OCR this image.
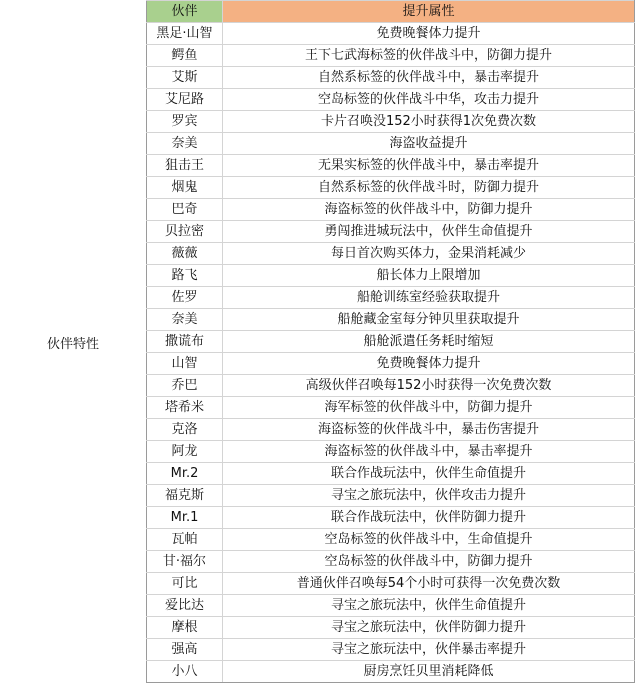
伙伴特性
伙伴	提升属性
黑足·山智	免费晚餐体力提升
鳄鱼	王下七武海标签的伙伴战斗中，防御力提升
艾斯	自然系标签的伙伴战斗中，暴击率提升
艾尼路	空岛标签的伙伴战斗中华，攻击力提升
罗宾	卡片召唤没152小时获得1次免费次数
奈美	海盗收益提升
狙击王	无果实标签的伙伴战斗中，暴击率提升
烟鬼	自然系标签的伙伴战斗时，防御力提升
巴奇	海盗标签的伙伴战斗中，防御力提升
贝拉密	勇闯推进城玩法中，伙伴生命值提升
薇薇	每日首次购买体力，金果消耗减少
路飞	船长体力上限增加
佐罗	船舱训练室经验获取提升
奈美	船舱藏金室每分钟贝里获取提升
撒谎布	船舱派遣任务耗时缩短
山智	免费晚餐体力提升
乔巴	高级伙伴召唤每152小时获得一次免费次数
塔希米	海军标签的伙伴战斗中，防御力提升
克洛	海盗标签的伙伴战斗中，暴击伤害提升
阿龙	海盗标签的伙伴战斗中，暴击率提升
Mr.2	联合作战玩法中，伙伴生命值提升
福克斯	寻宝之旅玩法中，伙伴攻击力提升
Mr.1	联合作战玩法中，伙伴防御力提升
瓦帕	空岛标签的伙伴战斗中，生命值提升
甘·福尔	空岛标签的伙伴战斗中，防御力提升
可比	普通伙伴召唤每54个小时可获得一次免费次数
爱比达	寻宝之旅玩法中，伙伴生命值提升
摩根	寻宝之旅玩法中，伙伴防御力提升
强高	寻宝之旅玩法中，伙伴暴击率提升
小八	厨房烹饪贝里消耗降低
